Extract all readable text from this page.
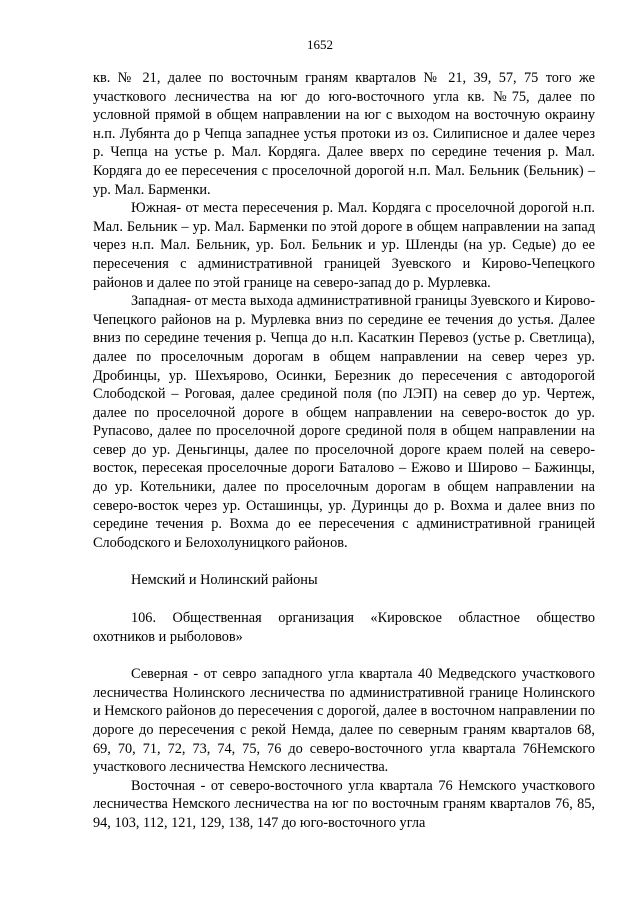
1652

кв. № 21, далее по восточным граням кварталов № 21, 39, 57, 75 того же участкового лесничества на юг до юго-восточного угла кв. №75, далее по условной прямой в общем направлении на юг с выходом на восточную окраину н.п. Лубянта до р Чепца западнее устья протоки из оз. Силиписное и далее через р. Чепца на устье р. Мал. Кордяга. Далее вверх по середине течения р. Мал. Кордяга до ее пересечения с проселочной дорогой н.п. Мал. Бельник (Бельник) – ур. Мал. Барменки.

Южная- от места пересечения р. Мал. Кордяга с проселочной дорогой н.п. Мал. Бельник – ур. Мал. Барменки по этой дороге в общем направлении на запад через н.п. Мал. Бельник, ур. Бол. Бельник и ур. Шленды (на ур. Седые) до ее пересечения с административной границей Зуевского и Кирово-Чепецкого районов и далее по этой границе на северо-запад до р. Мурлевка.

Западная- от места выхода административной границы Зуевского и Кирово-Чепецкого районов на р. Мурлевка вниз по середине ее течения до устья. Далее вниз по середине течения р. Чепца до н.п. Касаткин Перевоз (устье р. Светлица), далее по проселочным дорогам в общем направлении на север через ур. Дробинцы, ур. Шехъярово, Осинки, Березник до пересечения с автодорогой Слободской – Роговая, далее срединой поля (по ЛЭП) на север до ур. Чертеж, далее по проселочной дороге в общем направлении на северо-восток до ур. Рупасово, далее по проселочной дороге срединой поля в общем направлении на север до ур. Деньгинцы, далее по проселочной дороге краем полей на северо-восток, пересекая проселочные дороги Баталово – Ежово и Широво – Бажинцы, до ур. Котельники, далее по проселочным дорогам в общем направлении на северо-восток через ур. Осташинцы, ур. Дуринцы до р. Вохма и далее вниз по середине течения р. Вохма до ее пересечения с административной границей Слободского и Белохолуницкого районов.

Немский и Нолинский районы

106. Общественная организация «Кировское областное общество охотников и рыболовов»

Северная - от севро западного угла квартала 40 Медведского участкового лесничества Нолинского лесничества по административной границе Нолинского и Немского районов до пересечения с дорогой, далее в восточном направлении по дороге до пересечения с рекой Немда, далее по северным граням кварталов 68, 69, 70, 71, 72, 73, 74, 75, 76 до северо-восточного угла квартала 76Немского участкового лесничества Немского лесничества.

Восточная - от северо-восточного угла квартала 76 Немского участкового лесничества Немского лесничества на юг по восточным граням кварталов 76, 85, 94, 103, 112, 121, 129, 138, 147 до юго-восточного угла
